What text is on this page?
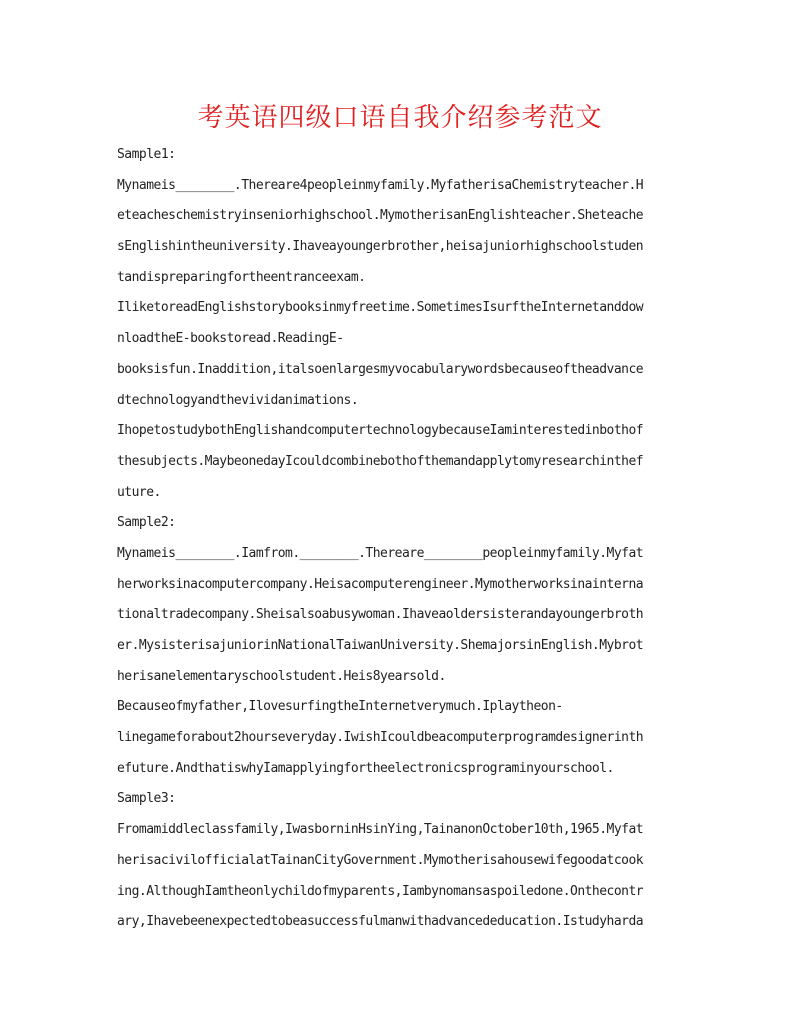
考英语四级口语自我介绍参考范文
Sample1:
Mynameis________.Thereare4peopleinmyfamily.MyfatherisaChemistryteacher.H
eteacheschemistryinseniorhighschool.MymotherisanEnglishteacher.Sheteache
sEnglishintheuniversity.Ihaveayoungerbrother,heisajuniorhighschoolstuden
tandispreparingfortheentranceexam.
IliketoreadEnglishstorybooksinmyfreetime.SometimesIsurftheInternetanddow
nloadtheE-bookstoread.ReadingE-
booksisfun.Inaddition,italsoenlargesmyvocabularywordsbecauseoftheadvance
dtechnologyandthevividanimations.
IhopetostudybothEnglishandcomputertechnologybecauseIaminterestedinbothof
thesubjects.MaybeonedayIcouldcombinebothofthemandapplytomyresearchinthef
uture.
Sample2:
Mynameis________.Iamfrom.________.Thereare________peopleinmyfamily.Myfat
herworksinacomputercompany.Heisacomputerengineer.Mymotherworksinainterna
tionaltradecompany.Sheisalsoabusywoman.Ihaveaoldersisterandayoungerbroth
er.MysisterisajuniorinNationalTaiwanUniversity.ShemajorsinEnglish.Mybrot
herisanelementaryschoolstudent.Heis8yearsold.
Becauseofmyfather,IlovesurfingtheInternetverymuch.Iplaytheon-
linegameforabout2hourseveryday.IwishIcouldbeacomputerprogramdesignerinth
efuture.AndthatiswhyIamapplyingfortheelectronicsprograminyourschool.
Sample3:
Fromamiddleclassfamily,IwasborninHsinYing,TainanonOctober10th,1965.Myfat
herisacivilofficialatTainanCityGovernment.Mymotherisahousewifegoodatcook
ing.AlthoughIamtheonlychildofmyparents,Iambynomansaspoiledone.Onthecontr
ary,Ihavebeenexpectedtobeasuccessfulmanwithadvancededucation.Istudyharda
